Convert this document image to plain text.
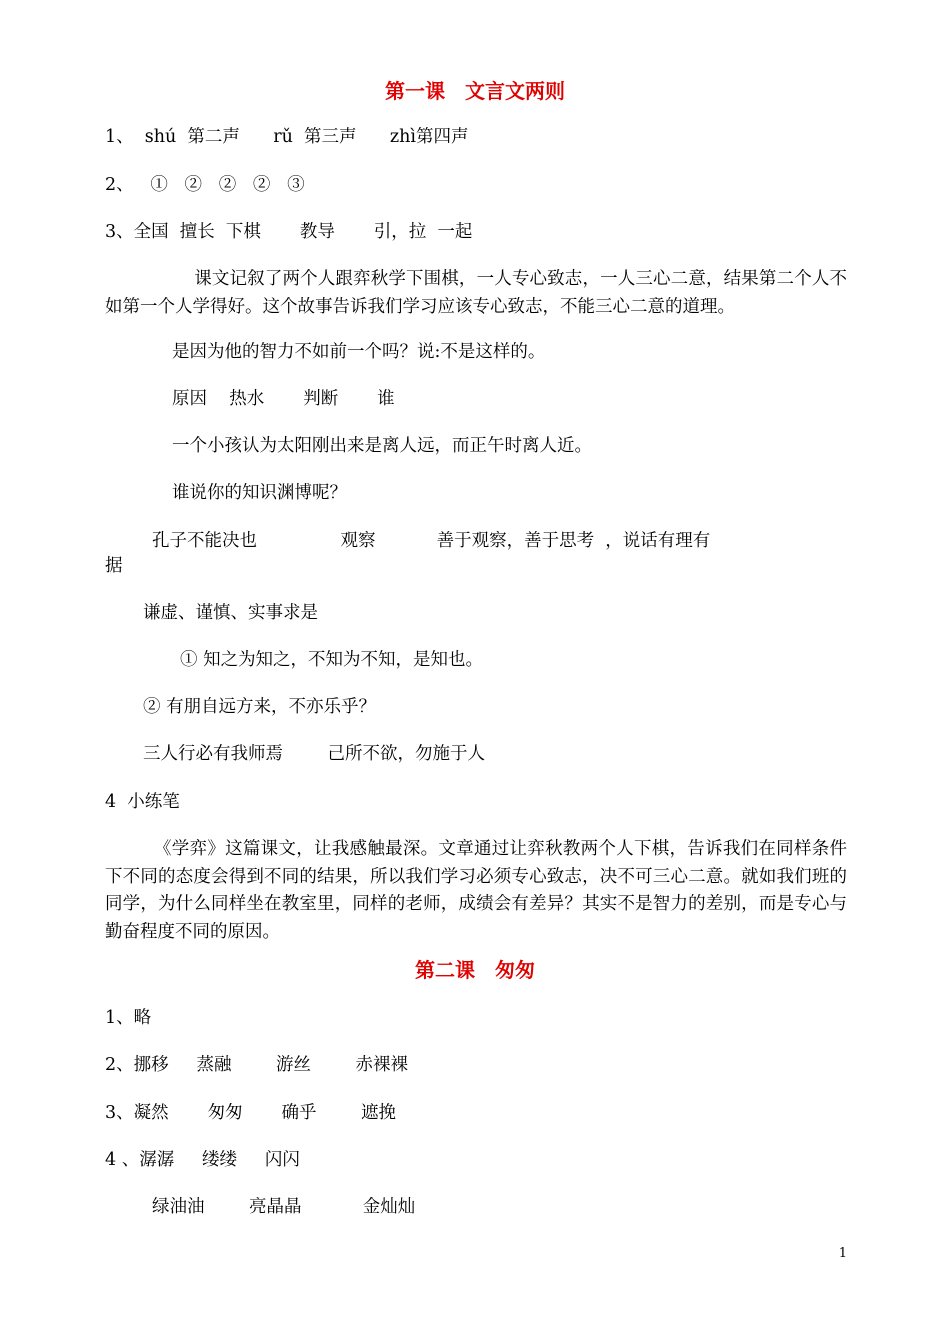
第一课　文言文两则

1、  shú  第二声      rǔ  第三声      zhì第四声

2、   ①   ②   ②   ②   ③

3、全国  擅长  下棋       教导       引，拉  一起

课文记叙了两个人跟弈秋学下围棋，一人专心致志，一人三心二意，结果第二个人不如第一个人学得好。这个故事告诉我们学习应该专心致志，不能三心二意的道理。

是因为他的智力不如前一个吗？说:不是这样的。

原因    热水       判断       谁

一个小孩认为太阳刚出来是离人远，而正午时离人近。

谁说你的知识渊博呢？

孔子不能决也               观察           善于观察，善于思考  ，说话有理有

据

谦虚、谨慎、实事求是

① 知之为知之，不知为不知，是知也。

② 有朋自远方来，不亦乐乎？

三人行必有我师焉        己所不欲，勿施于人

4  小练笔

《学弈》这篇课文，让我感触最深。文章通过让弈秋教两个人下棋，告诉我们在同样条件下不同的态度会得到不同的结果，所以我们学习必须专心致志，决不可三心二意。就如我们班的同学，为什么同样坐在教室里，同样的老师，成绩会有差异？其实不是智力的差别，而是专心与勤奋程度不同的原因。

第二课　匆匆

1、略

2、挪移     蒸融        游丝        赤裸裸

3、凝然       匆匆       确乎        遮挽

4 、潺潺     缕缕     闪闪

绿油油        亮晶晶           金灿灿

1
